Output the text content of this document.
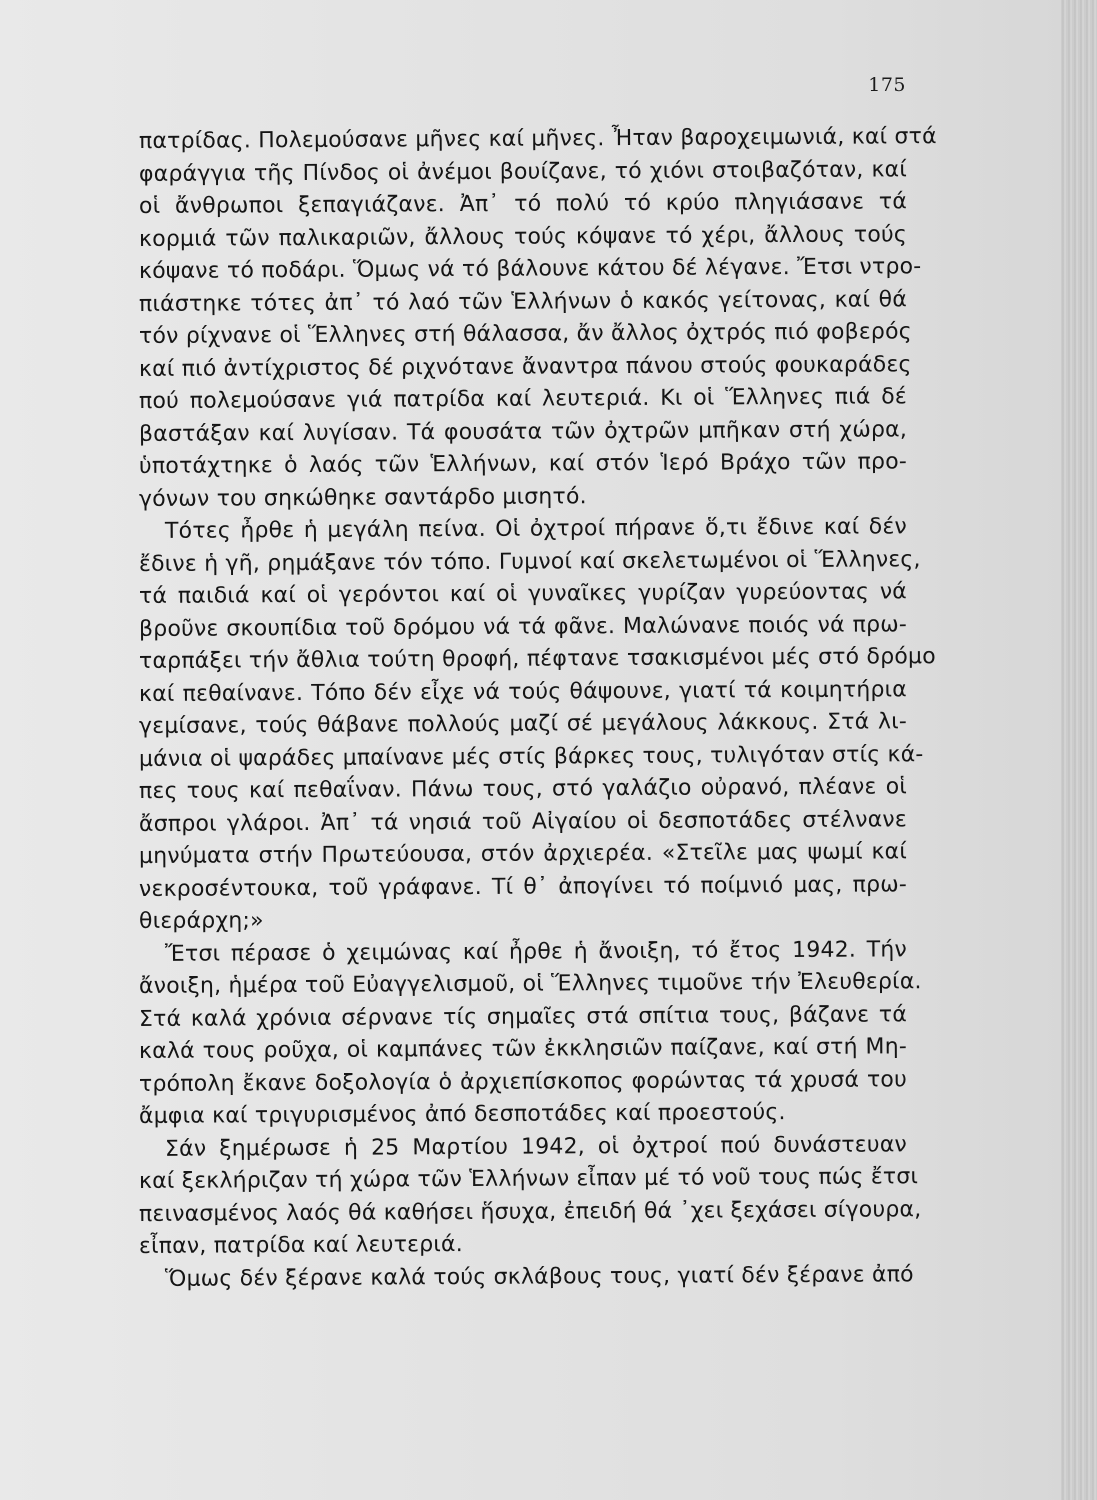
175
πατρίδας. Πολεμούσανε μῆνες καί μῆνες. Ἦταν βαροχειμωνιά, καί στά
φαράγγια τῆς Πίνδος οἱ ἀνέμοι βουίζανε, τό χιόνι στοιβαζόταν, καί
οἱ ἄνθρωποι ξεπαγιάζανε. Ἀπ᾿ τό πολύ τό κρύο πληγιάσανε τά
κορμιά τῶν παλικαριῶν, ἄλλους τούς κόψανε τό χέρι, ἄλλους τούς
κόψανε τό ποδάρι. Ὅμως νά τό βάλουνε κάτου δέ λέγανε. Ἔτσι ντρο-
πιάστηκε τότες ἀπ᾿ τό λαό τῶν Ἑλλήνων ὁ κακός γείτονας, καί θά
τόν ρίχνανε οἱ Ἕλληνες στή θάλασσα, ἄν ἄλλος ὀχτρός πιό φοβερός
καί πιό ἀντίχριστος δέ ριχνότανε ἄναντρα πάνου στούς φουκαράδες
πού πολεμούσανε γιά πατρίδα καί λευτεριά. Κι οἱ Ἕλληνες πιά δέ
βαστάξαν καί λυγίσαν. Τά φουσάτα τῶν ὀχτρῶν μπῆκαν στή χώρα,
ὑποτάχτηκε ὁ λαός τῶν Ἑλλήνων, καί στόν Ἱερό Βράχο τῶν προ-
γόνων του σηκώθηκε σαντάρδο μισητό.
Τότες ἦρθε ἡ μεγάλη πείνα. Οἱ ὀχτροί πήρανε ὅ,τι ἔδινε καί δέν
ἔδινε ἡ γῆ, ρημάξανε τόν τόπο. Γυμνοί καί σκελετωμένοι οἱ Ἕλληνες,
τά παιδιά καί οἱ γερόντοι καί οἱ γυναῖκες γυρίζαν γυρεύοντας νά
βροῦνε σκουπίδια τοῦ δρόμου νά τά φᾶνε. Μαλώνανε ποιός νά πρω-
ταρπάξει τήν ἄθλια τούτη θροφή, πέφτανε τσακισμένοι μές στό δρόμο
καί πεθαίνανε. Τόπο δέν εἶχε νά τούς θάψουνε, γιατί τά κοιμητήρια
γεμίσανε, τούς θάβανε πολλούς μαζί σέ μεγάλους λάκκους. Στά λι-
μάνια οἱ ψαράδες μπαίνανε μές στίς βάρκες τους, τυλιγόταν στίς κά-
πες τους καί πεθαΐναν. Πάνω τους, στό γαλάζιο οὐρανό, πλέανε οἱ
ἄσπροι γλάροι. Ἀπ᾿ τά νησιά τοῦ Αἰγαίου οἱ δεσποτάδες στέλνανε
μηνύματα στήν Πρωτεύουσα, στόν ἀρχιερέα. «Στεῖλε μας ψωμί καί
νεκροσέντουκα, τοῦ γράφανε. Τί θ᾿ ἀπογίνει τό ποίμνιό μας, πρω-
θιεράρχη;»
Ἔτσι πέρασε ὁ χειμώνας καί ἦρθε ἡ ἄνοιξη, τό ἔτος 1942. Τήν
ἄνοιξη, ἡμέρα τοῦ Εὐαγγελισμοῦ, οἱ Ἕλληνες τιμοῦνε τήν Ἐλευθερία.
Στά καλά χρόνια σέρνανε τίς σημαῖες στά σπίτια τους, βάζανε τά
καλά τους ροῦχα, οἱ καμπάνες τῶν ἐκκλησιῶν παίζανε, καί στή Μη-
τρόπολη ἔκανε δοξολογία ὁ ἀρχιεπίσκοπος φορώντας τά χρυσά του
ἄμφια καί τριγυρισμένος ἀπό δεσποτάδες καί προεστούς.
Σάν ξημέρωσε ἡ 25 Μαρτίου 1942, οἱ ὀχτροί πού δυνάστευαν
καί ξεκλήριζαν τή χώρα τῶν Ἑλλήνων εἶπαν μέ τό νοῦ τους πώς ἔτσι
πεινασμένος λαός θά καθήσει ἥσυχα, ἐπειδή θά ᾿χει ξεχάσει σίγουρα,
εἶπαν, πατρίδα καί λευτεριά.
Ὅμως δέν ξέρανε καλά τούς σκλάβους τους, γιατί δέν ξέρανε ἀπό
